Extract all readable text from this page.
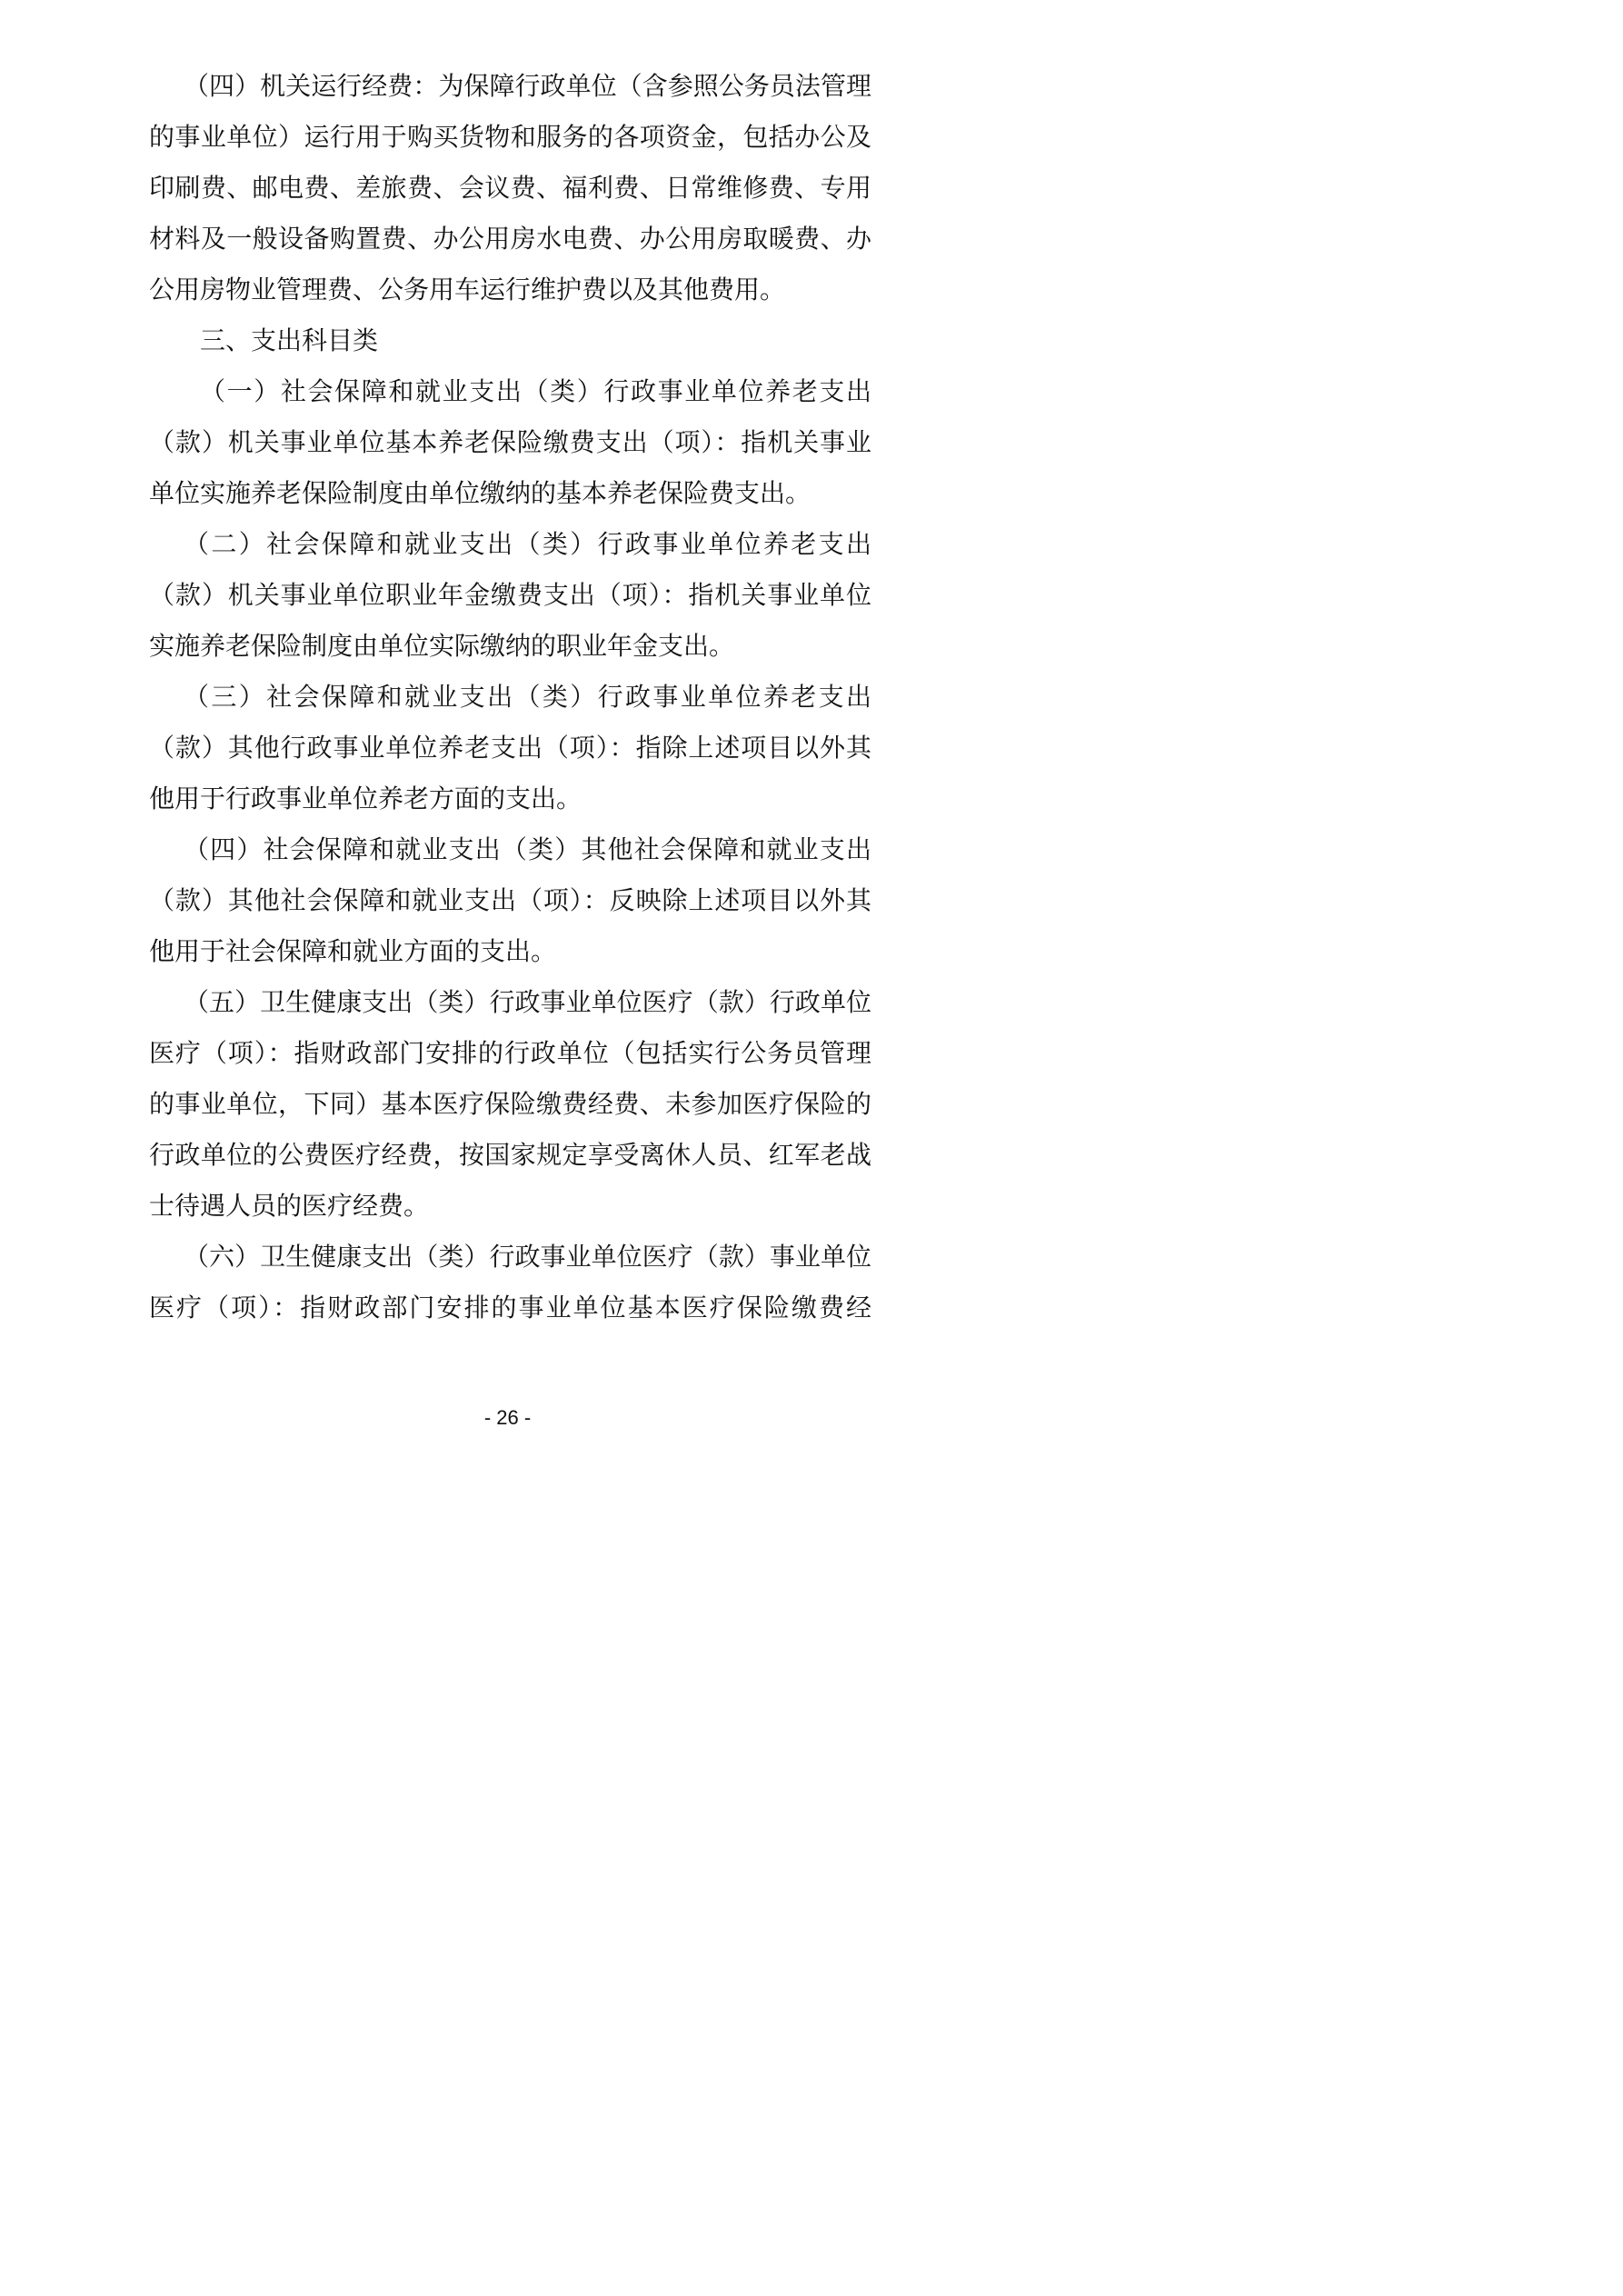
（四）机关运行经费：为保障行政单位（含参照公务员法管理
的事业单位）运行用于购买货物和服务的各项资金，包括办公及
印刷费、邮电费、差旅费、会议费、福利费、日常维修费、专用
材料及一般设备购置费、办公用房水电费、办公用房取暖费、办
公用房物业管理费、公务用车运行维护费以及其他费用。
三、支出科目类
（一）社会保障和就业支出（类）行政事业单位养老支出
（款）机关事业单位基本养老保险缴费支出（项）：指机关事业
单位实施养老保险制度由单位缴纳的基本养老保险费支出。
（二）社会保障和就业支出（类）行政事业单位养老支出
（款）机关事业单位职业年金缴费支出（项）：指机关事业单位
实施养老保险制度由单位实际缴纳的职业年金支出。
（三）社会保障和就业支出（类）行政事业单位养老支出
（款）其他行政事业单位养老支出（项）：指除上述项目以外其
他用于行政事业单位养老方面的支出。
（四）社会保障和就业支出（类）其他社会保障和就业支出
（款）其他社会保障和就业支出（项）：反映除上述项目以外其
他用于社会保障和就业方面的支出。
（五）卫生健康支出（类）行政事业单位医疗（款）行政单位
医疗（项）：指财政部门安排的行政单位（包括实行公务员管理
的事业单位，下同）基本医疗保险缴费经费、未参加医疗保险的
行政单位的公费医疗经费，按国家规定享受离休人员、红军老战
士待遇人员的医疗经费。
（六）卫生健康支出（类）行政事业单位医疗（款）事业单位
医疗（项）：指财政部门安排的事业单位基本医疗保险缴费经
- 26 -
